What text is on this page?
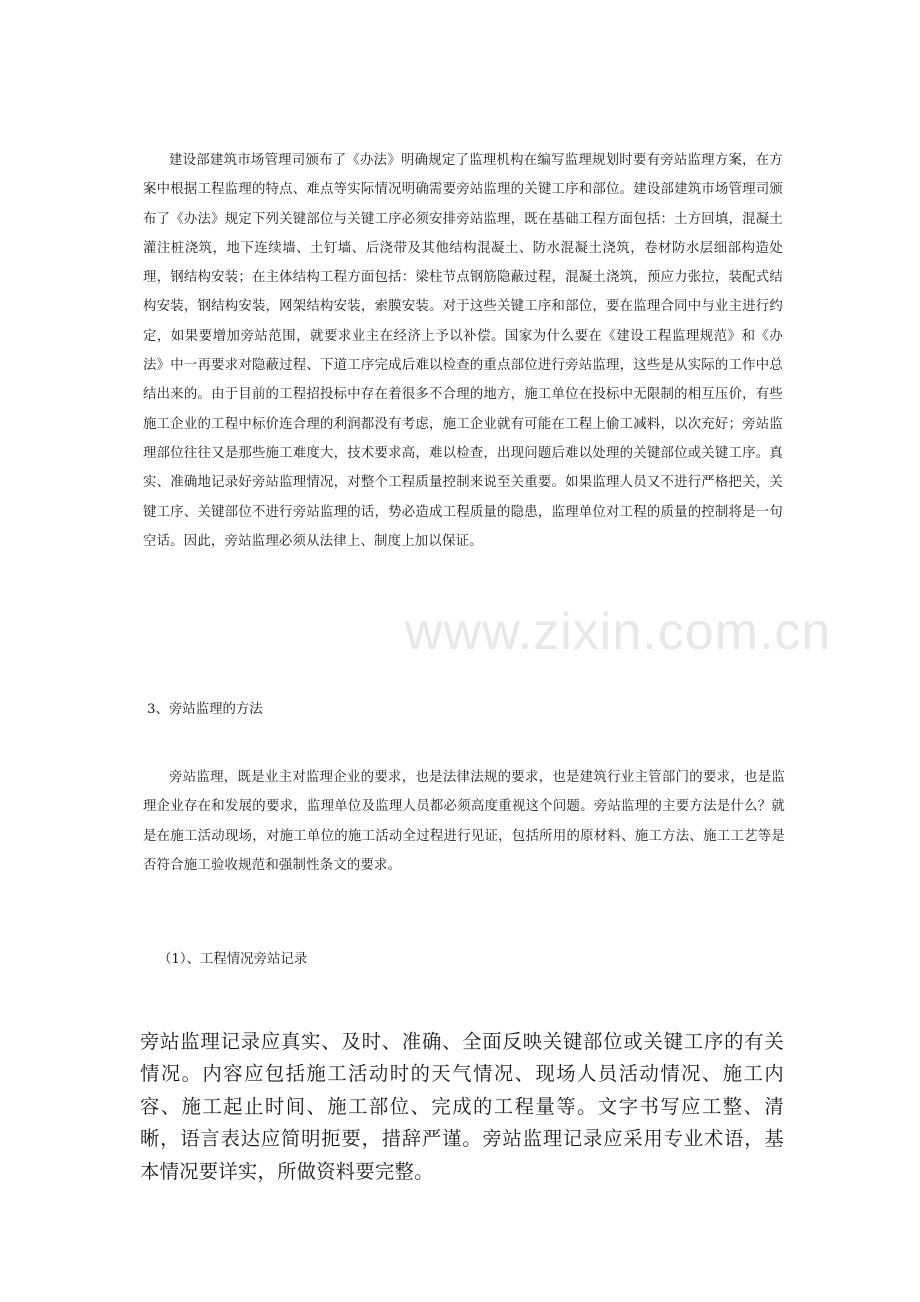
建设部建筑市场管理司颁布了《办法》明确规定了监理机构在编写监理规划时要有旁站监理方案，在方案中根据工程监理的特点、难点等实际情况明确需要旁站监理的关键工序和部位。建设部建筑市场管理司颁布了《办法》规定下列关键部位与关键工序必须安排旁站监理，既在基础工程方面包括：土方回填，混凝土灌注桩浇筑，地下连续墙、土钉墙、后浇带及其他结构混凝土、防水混凝土浇筑，卷材防水层细部构造处理，钢结构安装；在主体结构工程方面包括：梁柱节点钢筋隐蔽过程，混凝土浇筑，预应力张拉，装配式结构安装，钢结构安装，网架结构安装，索膜安装。对于这些关键工序和部位，要在监理合同中与业主进行约定，如果要增加旁站范围，就要求业主在经济上予以补偿。国家为什么要在《建设工程监理规范》和《办法》中一再要求对隐蔽过程、下道工序完成后难以检查的重点部位进行旁站监理，这些是从实际的工作中总结出来的。由于目前的工程招投标中存在着很多不合理的地方，施工单位在投标中无限制的相互压价，有些施工企业的工程中标价连合理的利润都没有考虑，施工企业就有可能在工程上偷工减料，以次充好；旁站监理部位往往又是那些施工难度大，技术要求高，难以检查，出现问题后难以处理的关键部位或关键工序。真实、准确地记录好旁站监理情况，对整个工程质量控制来说至关重要。如果监理人员又不进行严格把关，关键工序、关键部位不进行旁站监理的话，势必造成工程质量的隐患，监理单位对工程的质量的控制将是一句空话。因此，旁站监理必须从法律上、制度上加以保证。

www.zixin.com.cn

3、旁站监理的方法

旁站监理，既是业主对监理企业的要求，也是法律法规的要求，也是建筑行业主管部门的要求，也是监理企业存在和发展的要求，监理单位及监理人员都必须高度重视这个问题。旁站监理的主要方法是什么？就是在施工活动现场，对施工单位的施工活动全过程进行见证，包括所用的原材料、施工方法、施工工艺等是否符合施工验收规范和强制性条文的要求。

（1）、工程情况旁站记录

旁站监理记录应真实、及时、准确、全面反映关键部位或关键工序的有关情况。内容应包括施工活动时的天气情况、现场人员活动情况、施工内容、施工起止时间、施工部位、完成的工程量等。文字书写应工整、清晰，语言表达应简明扼要，措辞严谨。旁站监理记录应采用专业术语，基本情况要详实，所做资料要完整。
